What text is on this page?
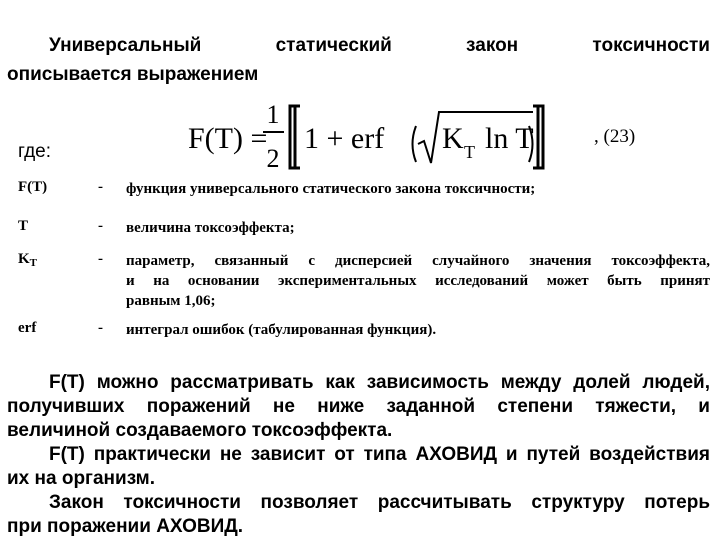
Универсальный статический закон токсичности
описывается выражением
где:	F(T) =
1
2
1 + erf K T ln T	, (23)
F(T)	- функция универсального статического закона токсичности;
Т	- величина токсоэффекта;
$K_T$	- параметр, связанный с дисперсией случайного значения токсоэффекта,
и на основании экспериментальных исследований может быть принят
равным 1,06;
erf	- интеграл ошибок (табулированная функция).
F(T) можно рассматривать как зависимость между долей людей,
получивших поражений не ниже заданной степени тяжести, и
величиной создаваемого токсоэффекта.
F(T) практически не зависит от типа АХОВИД и путей воздействия
их на организм.
Закон токсичности позволяет рассчитывать структуру потерь
при поражении АХОВИД.
